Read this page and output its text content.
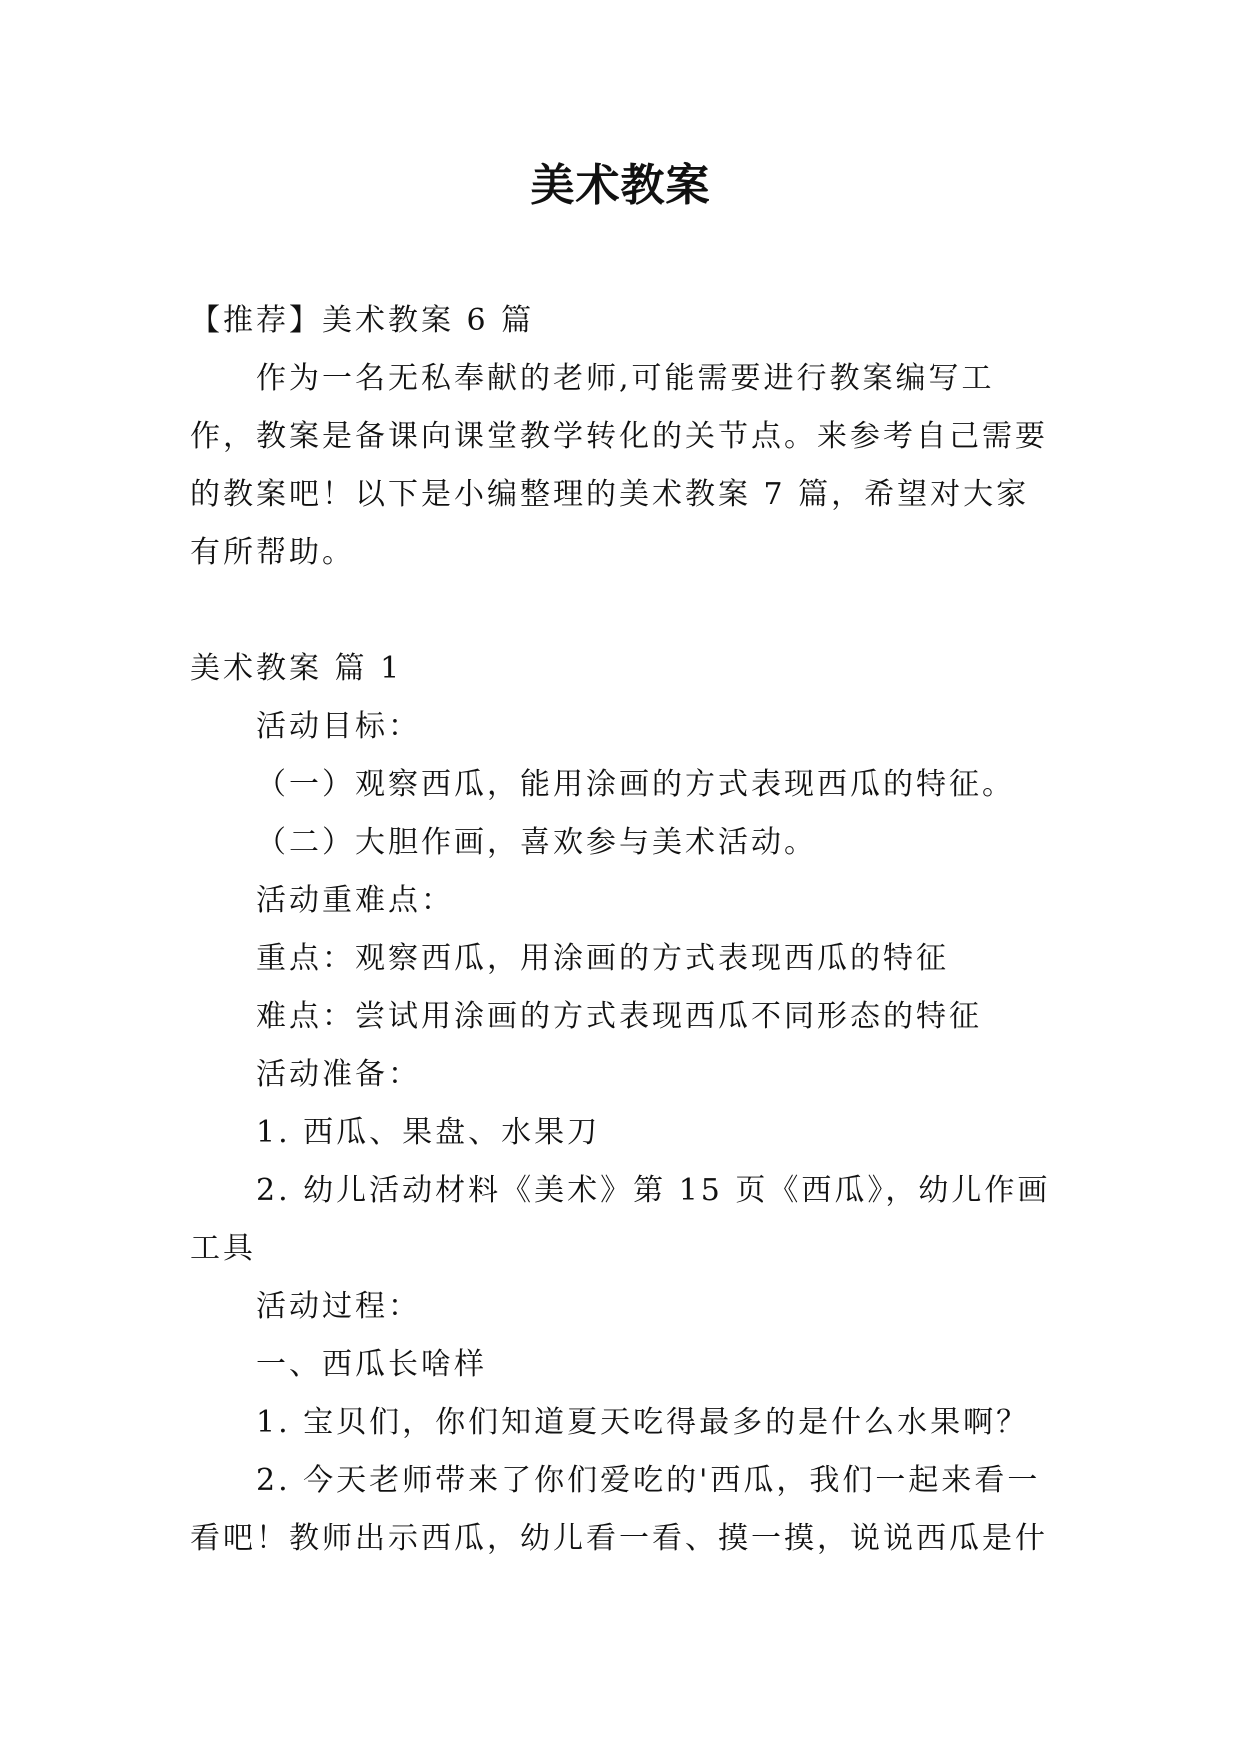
美术教案

【推荐】美术教案 6 篇

作为一名无私奉献的老师,可能需要进行教案编写工作，教案是备课向课堂教学转化的关节点。来参考自己需要的教案吧！以下是小编整理的美术教案 7 篇，希望对大家有所帮助。

美术教案 篇 1

活动目标：

（一）观察西瓜，能用涂画的方式表现西瓜的特征。

（二）大胆作画，喜欢参与美术活动。

活动重难点：

重点：观察西瓜，用涂画的方式表现西瓜的特征

难点：尝试用涂画的方式表现西瓜不同形态的特征

活动准备：

1. 西瓜、果盘、水果刀

2. 幼儿活动材料《美术》第 15 页《西瓜》，幼儿作画工具

活动过程：

一、西瓜长啥样

1. 宝贝们，你们知道夏天吃得最多的是什么水果啊？

2. 今天老师带来了你们爱吃的'西瓜，我们一起来看一看吧！教师出示西瓜，幼儿看一看、摸一摸，说说西瓜是什
